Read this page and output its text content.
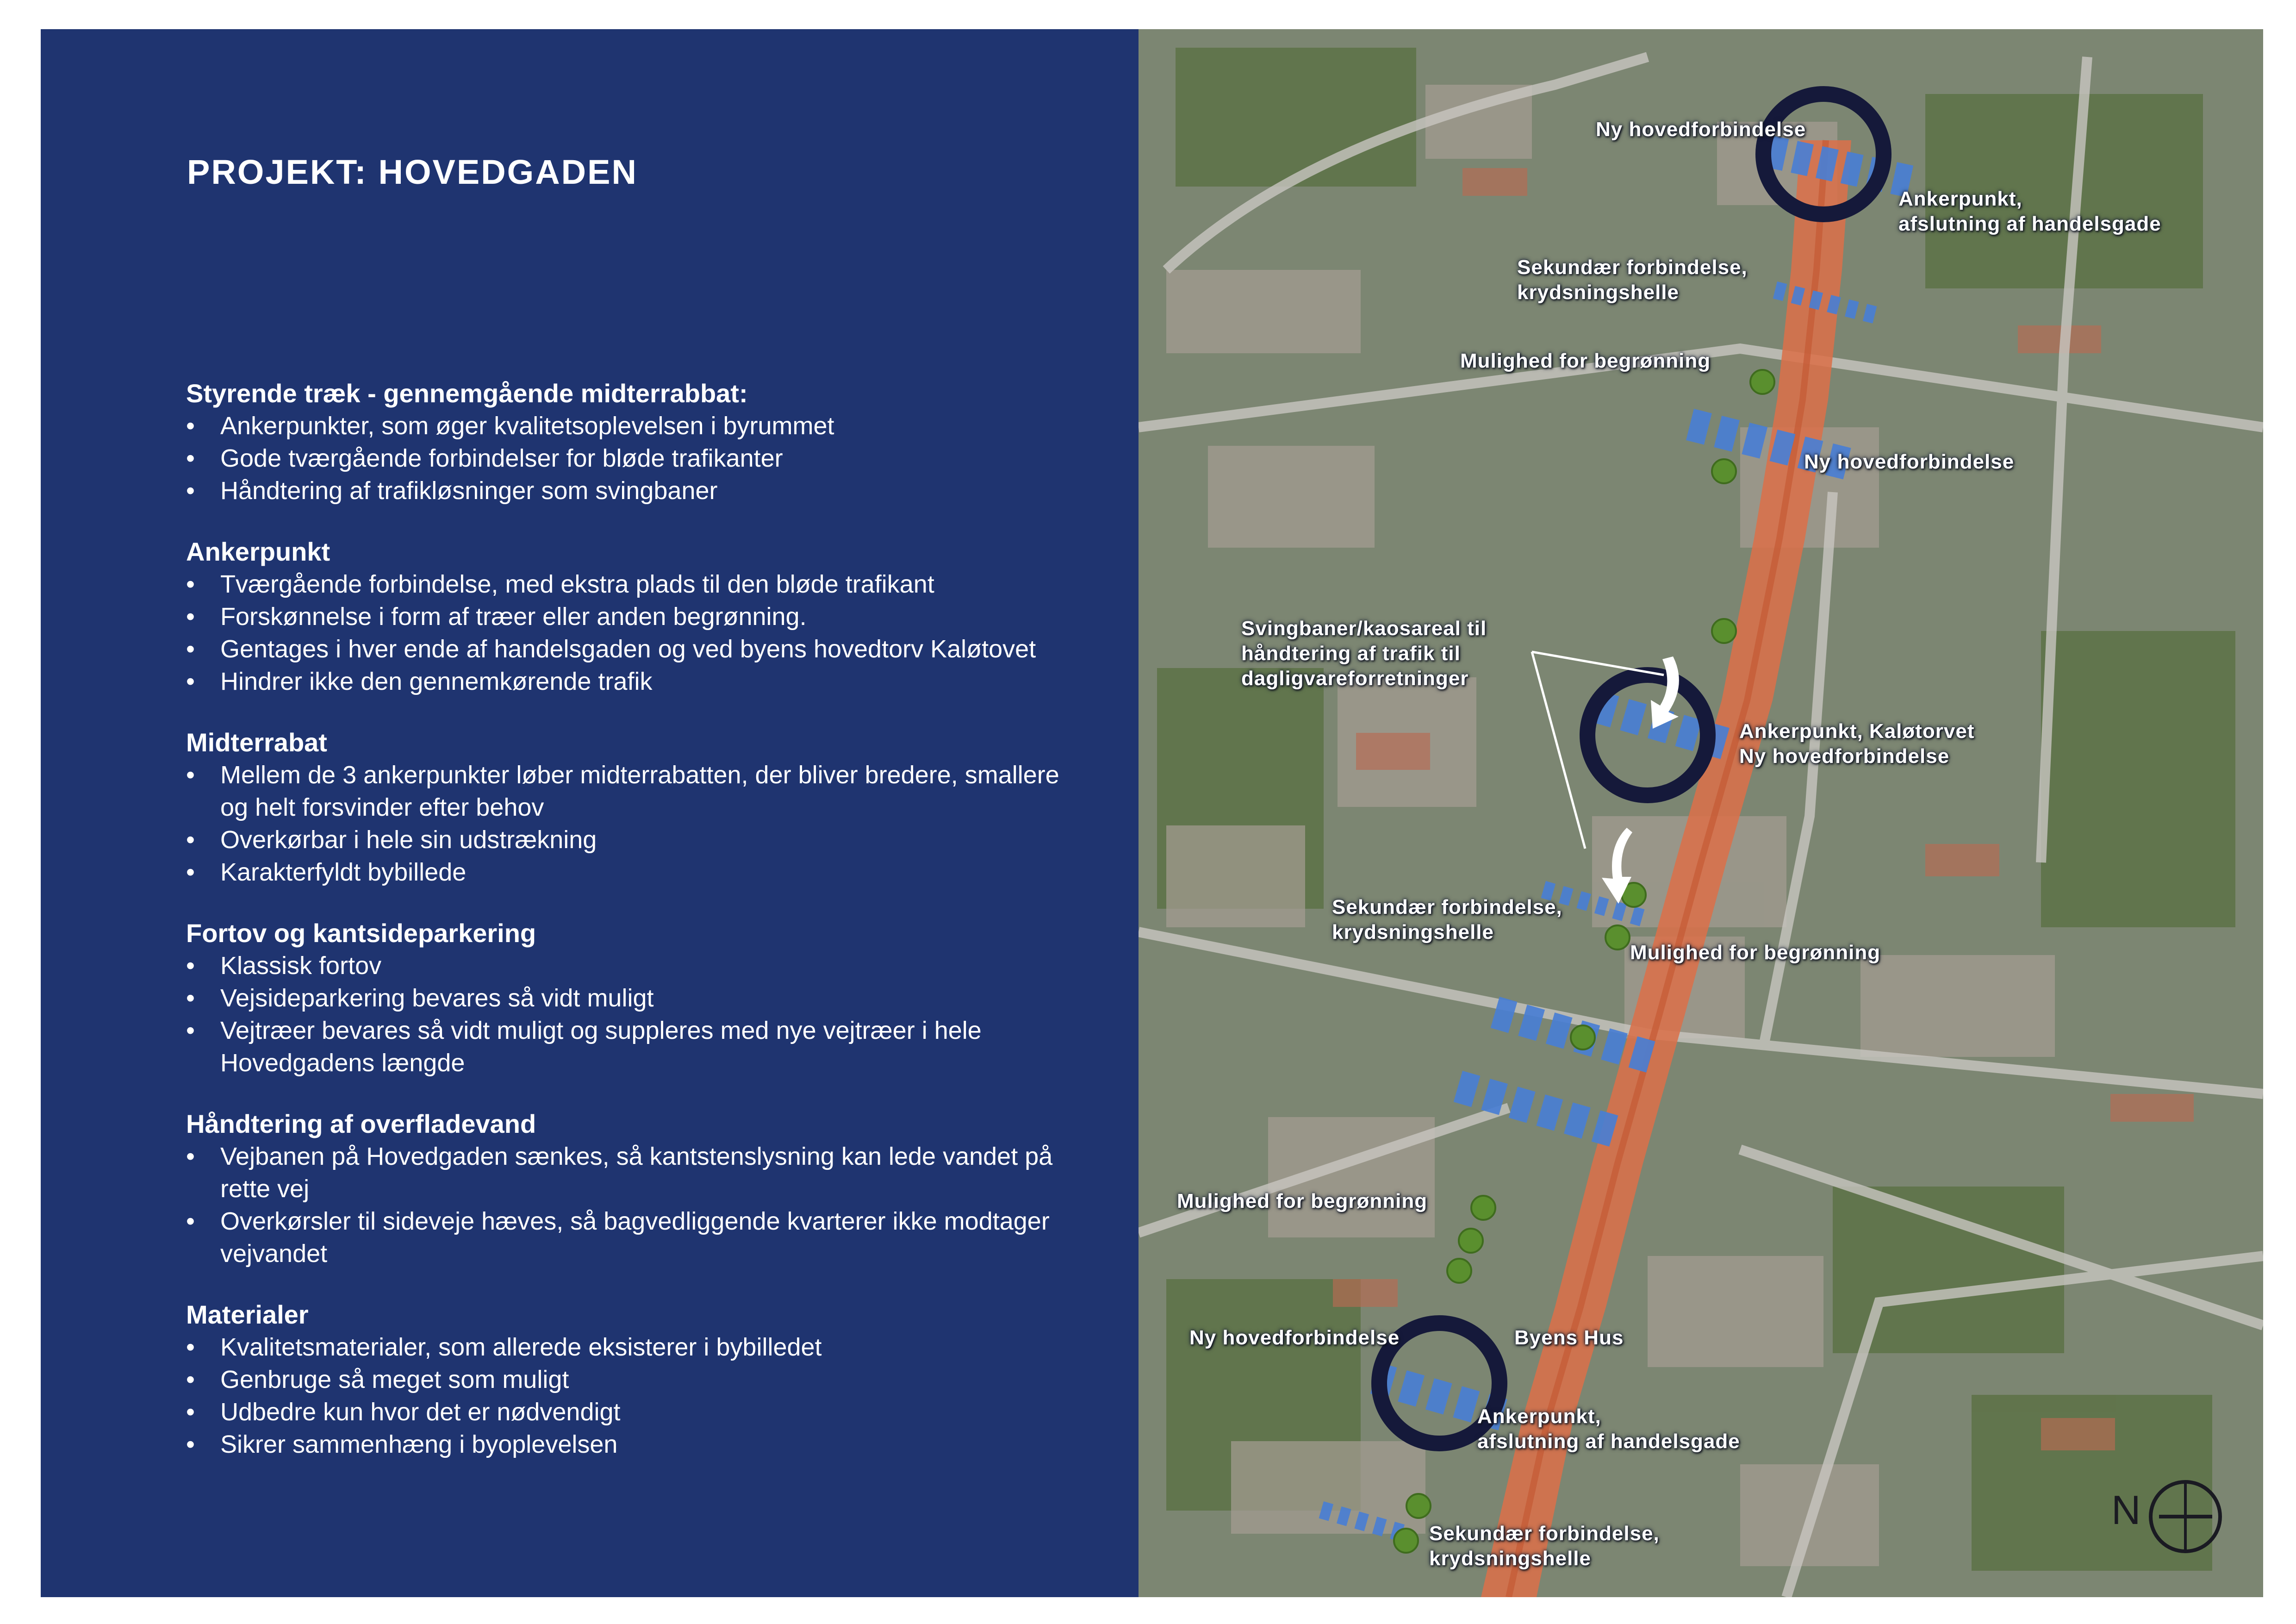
PROJEKT: HOVEDGADEN
Styrende træk - gennemgående midterrabbat:
• Ankerpunkter, som øger kvalitetsoplevelsen i byrummet
• Gode tværgående forbindelser for bløde trafikanter
• Håndtering af trafikløsninger som svingbaner
Ankerpunkt
• Tværgående forbindelse, med ekstra plads til den bløde trafikant
• Forskønnelse i form af træer eller anden begrønning.
• Gentages i hver ende af handelsgaden og ved byens hovedtorv Kaløtovet
• Hindrer ikke den gennemkørende trafik
Midterrabat
• Mellem de 3 ankerpunkter løber midterrabatten, der bliver bredere, smallere og helt forsvinder efter behov
• Overkørbar i hele sin udstrækning
• Karakterfyldt bybillede
Fortov og kantsideparkering
• Klassisk fortov
• Vejsideparkering bevares så vidt muligt
• Vejtræer bevares så vidt muligt og suppleres med nye vejtræer i hele Hovedgadens længde
Håndtering af overfladevand
• Vejbanen på Hovedgaden sænkes, så kantstenslysning kan lede vandet på rette vej
• Overkørsler til sideveje hæves, så bagvedliggende kvarterer ikke modtager vejvandet
Materialer
• Kvalitetsmaterialer, som allerede eksisterer i bybilledet
• Genbruge så meget som muligt
• Udbedre kun hvor det er nødvendigt
• Sikrer sammenhæng i byoplevelsen
Ny hovedforbindelse
Ankerpunkt,
afslutning af handelsgade
Sekundær forbindelse,
krydsningshelle
Mulighed for begrønning
Ny hovedforbindelse
Svingbaner/kaosareal til
håndtering af trafik til
dagligvareforretninger
Ankerpunkt, Kaløtorvet
Ny hovedforbindelse
Sekundær forbindelse,
krydsningshelle
Mulighed for begrønning
Mulighed for begrønning
Ny hovedforbindelse	Byens Hus
Ankerpunkt,
afslutning af handelsgade
Sekundær forbindelse,
krydsningshelle
N
